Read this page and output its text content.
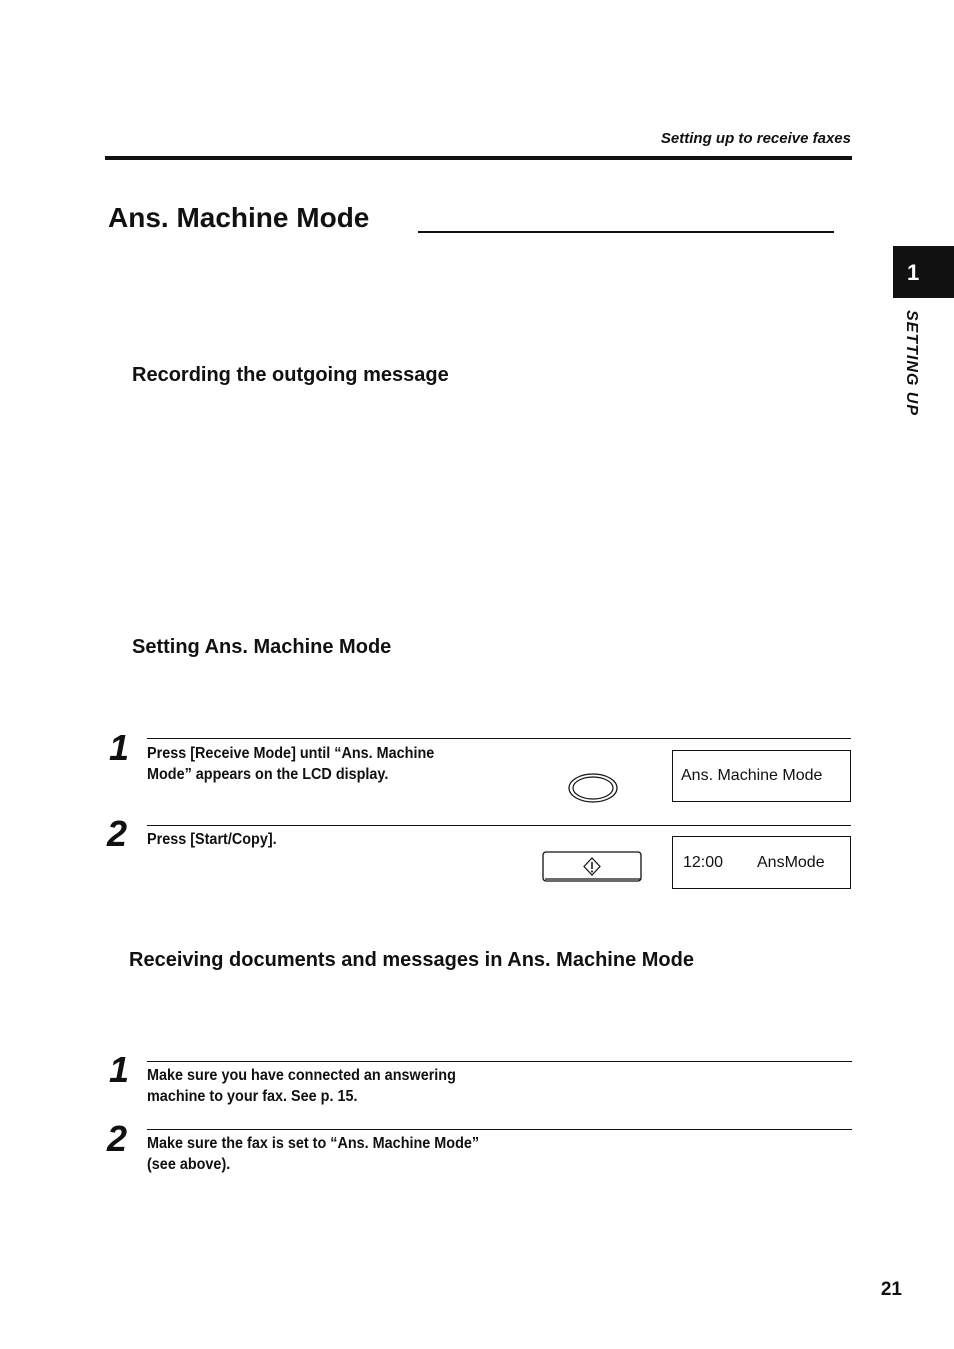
Setting up to receive faxes
Ans. Machine Mode
1
SETTING UP
Recording the outgoing message
Setting Ans. Machine Mode
1 Press [Receive Mode] until “Ans. Machine Mode” appears on the LCD display.	Ans. Machine Mode
2 Press [Start/Copy].
12:00	AnsMode
Receiving documents and messages in Ans. Machine Mode
1 Make sure you have connected an answering machine to your fax. See p. 15.
2 Make sure the fax is set to “Ans. Machine Mode” (see above).
21
